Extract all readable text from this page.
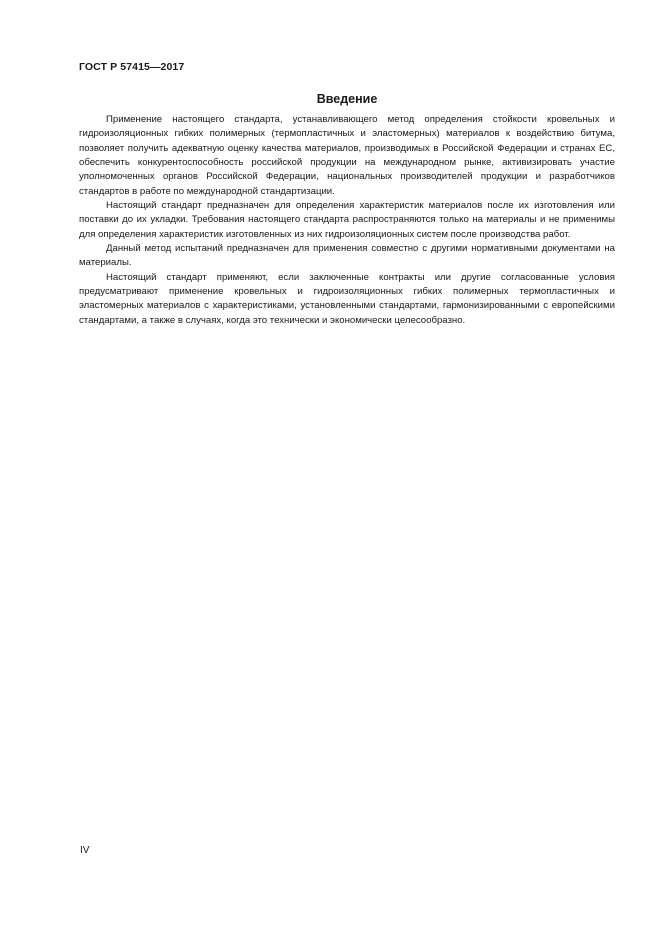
ГОСТ Р 57415—2017
Введение

Применение настоящего стандарта, устанавливающего метод определения стойкости кровельных и гидроизоляционных гибких полимерных (термопластичных и эластомерных) материалов к воздействию битума, позволяет получить адекватную оценку качества материалов, производимых в Российской Федерации и странах ЕС, обеспечить конкурентоспособность российской продукции на международном рынке, активизировать участие уполномоченных органов Российской Федерации, национальных производителей продукции и разработчиков стандартов в работе по международной стандартизации.

Настоящий стандарт предназначен для определения характеристик материалов после их изготовления или поставки до их укладки. Требования настоящего стандарта распространяются только на материалы и не применимы для определения характеристик изготовленных из них гидроизоляционных систем после производства работ.

Данный метод испытаний предназначен для применения совместно с другими нормативными документами на материалы.

Настоящий стандарт применяют, если заключенные контракты или другие согласованные условия предусматривают применение кровельных и гидроизоляционных гибких полимерных термопластичных и эластомерных материалов с характеристиками, установленными стандартами, гармонизированными с европейскими стандартами, а также в случаях, когда это технически и экономически целесообразно.

IV
